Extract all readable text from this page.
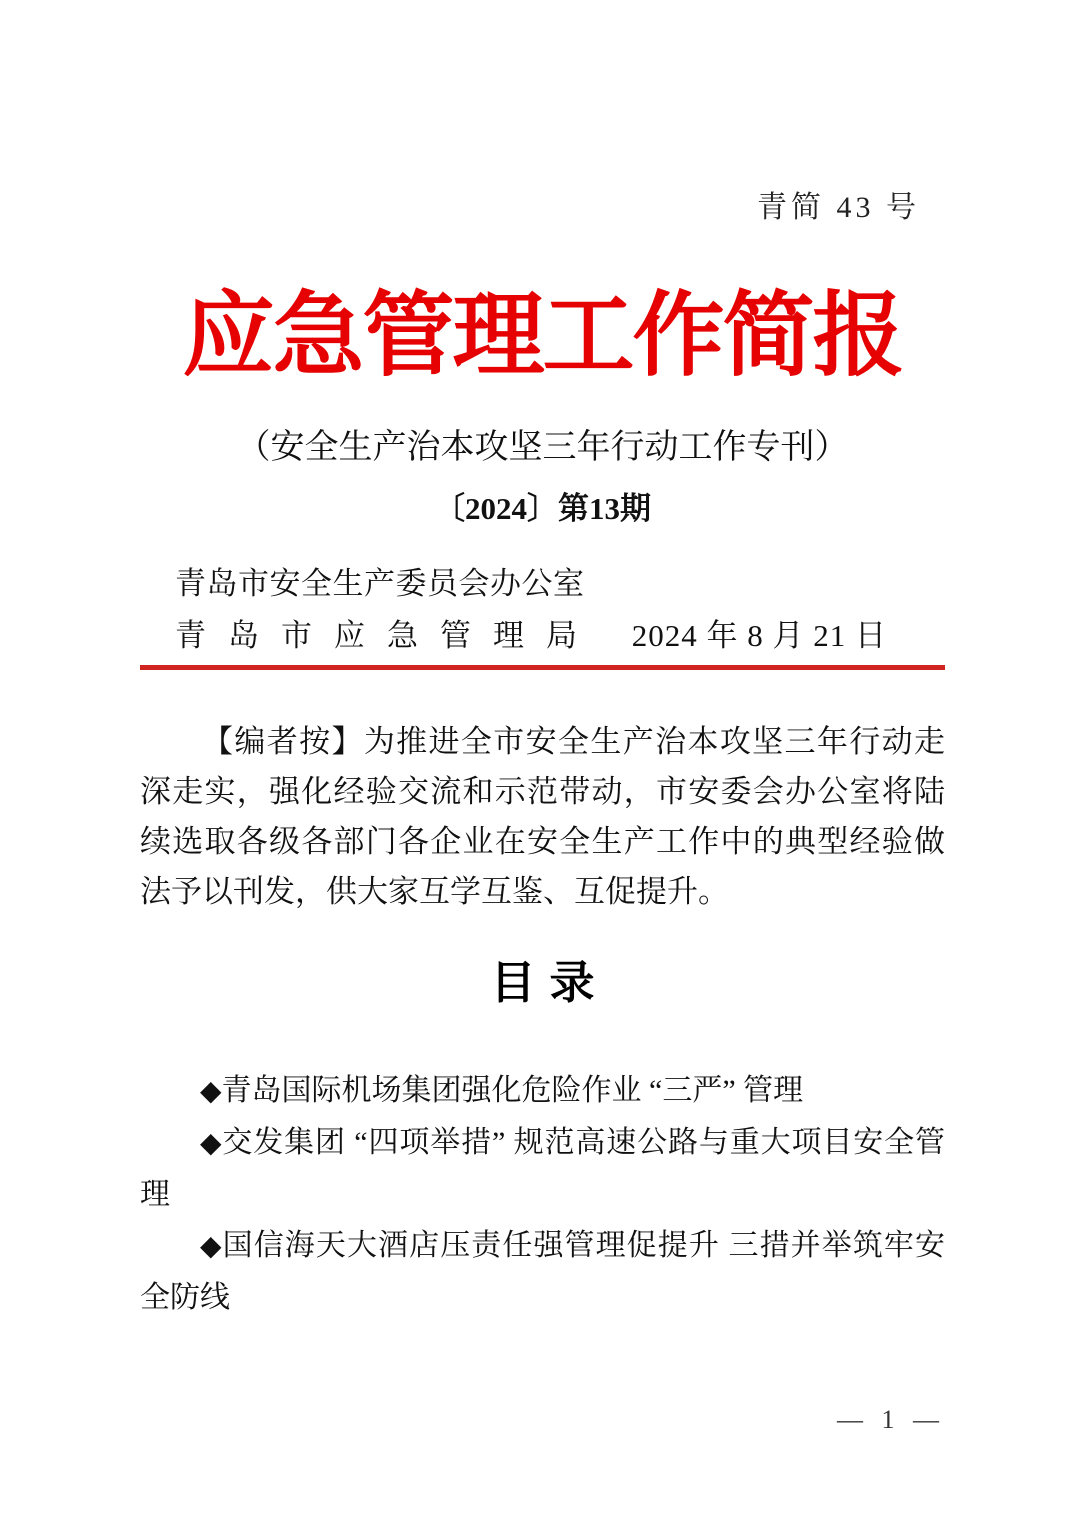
青简 43 号
应急管理工作简报
（安全生产治本攻坚三年行动工作专刊）
〔2024〕第13期
青岛市安全生产委员会办公室
青岛市应急管理局 2024 年 8 月 21 日

【编者按】为推进全市安全生产治本攻坚三年行动走深走实，强化经验交流和示范带动，市安委会办公室将陆续选取各级各部门各企业在安全生产工作中的典型经验做法予以刊发，供大家互学互鉴、互促提升。

目录

◆青岛国际机场集团强化危险作业 “三严” 管理

◆交发集团 “四项举措” 规范高速公路与重大项目安全管理

◆国信海天大酒店压责任强管理促提升 三措并举筑牢安全防线

— 1 —
